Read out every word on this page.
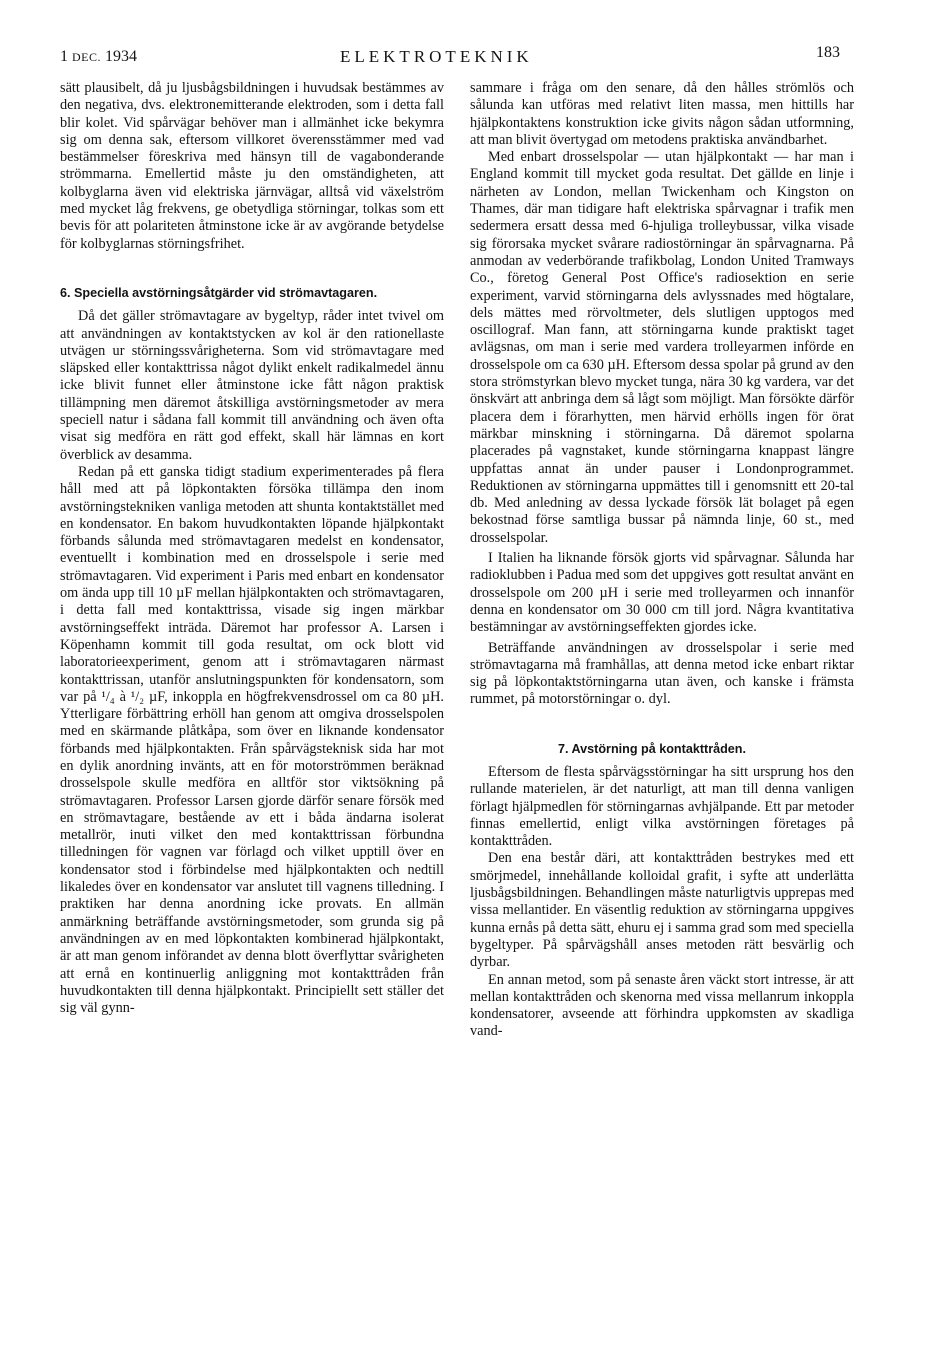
1 DEC. 1934	ELEKTROTEKNIK	183

sätt plausibelt, då ju ljusbågsbildningen i huvudsak bestämmes av den negativa, dvs. elektronemitterande elektroden, som i detta fall blir kolet. Vid spårvägar behöver man i allmänhet icke bekymra sig om denna sak, eftersom villkoret överensstämmer med vad bestämmelser föreskriva med hänsyn till de vagabonderande strömmarna. Emellertid måste ju den omständigheten, att kolbyglarna även vid elektriska järnvägar, alltså vid växelström med mycket låg frekvens, ge obetydliga störningar, tolkas som ett bevis för att polariteten åtminstone icke är av avgörande betydelse för kolbyglarnas störningsfrihet.

6. Speciella avstörningsåtgärder vid strömavtagaren.

Då det gäller strömavtagare av bygeltyp, råder intet tvivel om att användningen av kontaktstycken av kol är den rationellaste utvägen ur störningssvårigheterna. Som vid strömavtagare med släpsked eller kontakttrissa något dylikt enkelt radikalmedel ännu icke blivit funnet eller åtminstone icke fått någon praktisk tillämpning men däremot åtskilliga avstörningsmetoder av mera speciell natur i sådana fall kommit till användning och även ofta visat sig medföra en rätt god effekt, skall här lämnas en kort överblick av desamma.

Redan på ett ganska tidigt stadium experimenterades på flera håll med att på löpkontakten försöka tillämpa den inom avstörningstekniken vanliga metoden att shunta kontaktstället med en kondensator. En bakom huvudkontakten löpande hjälpkontakt förbands sålunda med strömavtagaren medelst en kondensator, eventuellt i kombination med en drosselspole i serie med strömavtagaren. Vid experiment i Paris med enbart en kondensator om ända upp till 10 µF mellan hjälpkontakten och strömavtagaren, i detta fall med kontakttrissa, visade sig ingen märkbar avstörningseffekt inträda. Däremot har professor A. Larsen i Köpenhamn kommit till goda resultat, om ock blott vid laboratorieexperiment, genom att i strömavtagaren närmast kontakttrissan, utanför anslutningspunkten för kondensatorn, som var på ¹/₄ à ¹/₂ µF, inkoppla en högfrekvensdrossel om ca 80 µH. Ytterligare förbättring erhöll han genom att omgiva drosselspolen med en skärmande plåtkåpa, som över en liknande kondensator förbands med hjälpkontakten. Från spårvägsteknisk sida har mot en dylik anordning invänts, att en för motorströmmen beräknad drosselspole skulle medföra en alltför stor viktsökning på strömavtagaren. Professor Larsen gjorde därför senare försök med en strömavtagare, bestående av ett i båda ändarna isolerat metallrör, inuti vilket den med kontakttrissan förbundna tilledningen för vagnen var förlagd och vilket upptill över en kondensator stod i förbindelse med hjälpkontakten och nedtill likaledes över en kondensator var anslutet till vagnens tilledning. I praktiken har denna anordning icke provats. En allmän anmärkning beträffande avstörningsmetoder, som grunda sig på användningen av en med löpkontakten kombinerad hjälpkontakt, är att man genom införandet av denna blott överflyttar svårigheten att ernå en kontinuerlig anliggning mot kontakttråden från huvudkontakten till denna hjälpkontakt. Principiellt sett ställer det sig väl gynn-

sammare i fråga om den senare, då den hålles strömlös och sålunda kan utföras med relativt liten massa, men hittills har hjälpkontaktens konstruktion icke givits någon sådan utformning, att man blivit övertygad om metodens praktiska användbarhet.

Med enbart drosselspolar — utan hjälpkontakt — har man i England kommit till mycket goda resultat. Det gällde en linje i närheten av London, mellan Twickenham och Kingston on Thames, där man tidigare haft elektriska spårvagnar i trafik men sedermera ersatt dessa med 6-hjuliga trolleybussar, vilka visade sig förorsaka mycket svårare radiostörningar än spårvagnarna. På anmodan av vederbörande trafikbolag, London United Tramways Co., företog General Post Office's radiosektion en serie experiment, varvid störningarna dels avlyssnades med högtalare, dels mättes med rörvoltmeter, dels slutligen upptogos med oscillograf. Man fann, att störningarna kunde praktiskt taget avlägsnas, om man i serie med vardera trolleyarmen införde en drosselspole om ca 630 µH. Eftersom dessa spolar på grund av den stora strömstyrkan blevo mycket tunga, nära 30 kg vardera, var det önskvärt att anbringa dem så lågt som möjligt. Man försökte därför placera dem i förarhytten, men härvid erhölls ingen för örat märkbar minskning i störningarna. Då däremot spolarna placerades på vagnstaket, kunde störningarna knappast längre uppfattas annat än under pauser i Londonprogrammet. Reduktionen av störningarna uppmättes till i genomsnitt ett 20-tal db. Med anledning av dessa lyckade försök lät bolaget på egen bekostnad förse samtliga bussar på nämnda linje, 60 st., med drosselspolar.

I Italien ha liknande försök gjorts vid spårvagnar. Sålunda har radioklubben i Padua med som det uppgives gott resultat använt en drosselspole om 200 µH i serie med trolleyarmen och innanför denna en kondensator om 30 000 cm till jord. Några kvantitativa bestämningar av avstörningseffekten gjordes icke.

Beträffande användningen av drosselspolar i serie med strömavtagarna må framhållas, att denna metod icke enbart riktar sig på löpkontaktstörningarna utan även, och kanske i främsta rummet, på motorstörningar o. dyl.

7. Avstörning på kontakttråden.

Eftersom de flesta spårvägsstörningar ha sitt ursprung hos den rullande materielen, är det naturligt, att man till denna vanligen förlagt hjälpmedlen för störningarnas avhjälpande. Ett par metoder finnas emellertid, enligt vilka avstörningen företages på kontakttråden.

Den ena består däri, att kontakttråden bestrykes med ett smörjmedel, innehållande kolloidal grafit, i syfte att underlätta ljusbågsbildningen. Behandlingen måste naturligtvis upprepas med vissa mellantider. En väsentlig reduktion av störningarna uppgives kunna ernås på detta sätt, ehuru ej i samma grad som med speciella bygeltyper. På spårvägshåll anses metoden rätt besvärlig och dyrbar.

En annan metod, som på senaste åren väckt stort intresse, är att mellan kontakttråden och skenorna med vissa mellanrum inkoppla kondensatorer, avseende att förhindra uppkomsten av skadliga vand-
